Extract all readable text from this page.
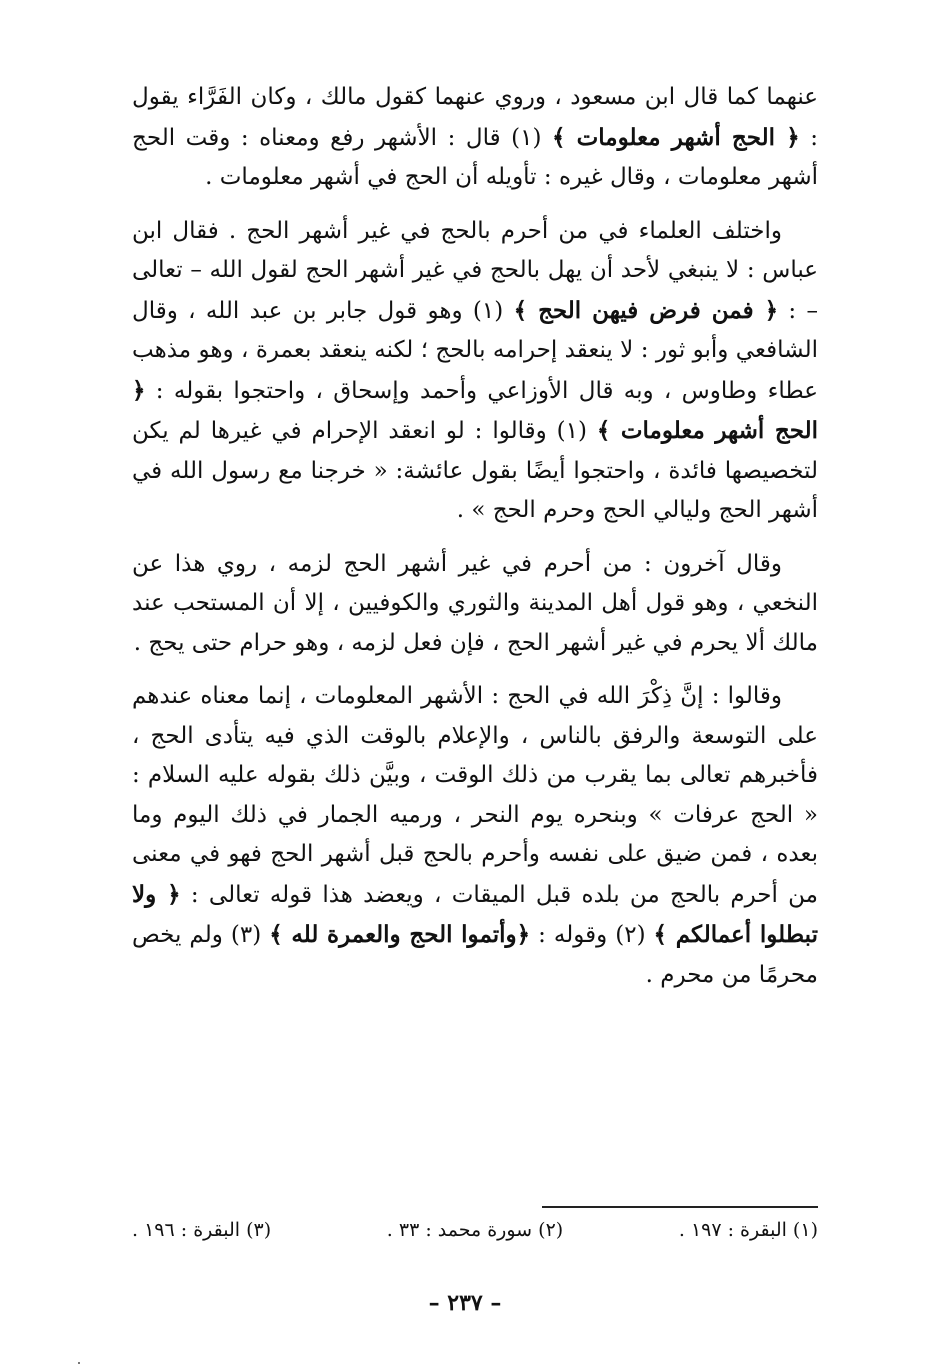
عنهما كما قال ابن مسعود ، وروي عنهما كقول مالك ، وكان الفَرَّاء يقول : ﴿ الحج أشهر معلومات ﴾ (١) قال : الأشهر رفع ومعناه : وقت الحج أشهر معلومات ، وقال غيره : تأويله أن الحج في أشهر معلومات .

واختلف العلماء في من أحرم بالحج في غير أشهر الحج . فقال ابن عباس : لا ينبغي لأحد أن يهل بالحج في غير أشهر الحج لقول الله – تعالى – : ﴿ فمن فرض فيهن الحج ﴾ (١) وهو قول جابر بن عبد الله ، وقال الشافعي وأبو ثور : لا ينعقد إحرامه بالحج ؛ لكنه ينعقد بعمرة ، وهو مذهب عطاء وطاوس ، وبه قال الأوزاعي وأحمد وإسحاق ، واحتجوا بقوله : ﴿ الحج أشهر معلومات ﴾ (١) وقالوا : لو انعقد الإحرام في غيرها لم يكن لتخصيصها فائدة ، واحتجوا أيضًا بقول عائشة: « خرجنا مع رسول الله في أشهر الحج وليالي الحج وحرم الحج » .

وقال آخرون : من أحرم في غير أشهر الحج لزمه ، روي هذا عن النخعي ، وهو قول أهل المدينة والثوري والكوفيين ، إلا أن المستحب عند مالك ألا يحرم في غير أشهر الحج ، فإن فعل لزمه ، وهو حرام حتى يحج .

وقالوا : إنَّ ذِكْرَ الله في الحج : الأشهر المعلومات ، إنما معناه عندهم على التوسعة والرفق بالناس ، والإعلام بالوقت الذي فيه يتأدى الحج ، فأخبرهم تعالى بما يقرب من ذلك الوقت ، وبيَّن ذلك بقوله عليه السلام : « الحج عرفات » وبنحره يوم النحر ، ورميه الجمار في ذلك اليوم وما بعده ، فمن ضيق على نفسه وأحرم بالحج قبل أشهر الحج فهو في معنى من أحرم بالحج من بلده قبل الميقات ، ويعضد هذا قوله تعالى : ﴿ ولا تبطلوا أعمالكم ﴾ (٢) وقوله : ﴿وأتموا الحج والعمرة لله ﴾ (٣) ولم يخص محرمًا من محرم .

(١) البقرة : ١٩٧ .
(٢) سورة محمد : ٣٣ .
(٣) البقرة : ١٩٦ .
– ٢٣٧ –
